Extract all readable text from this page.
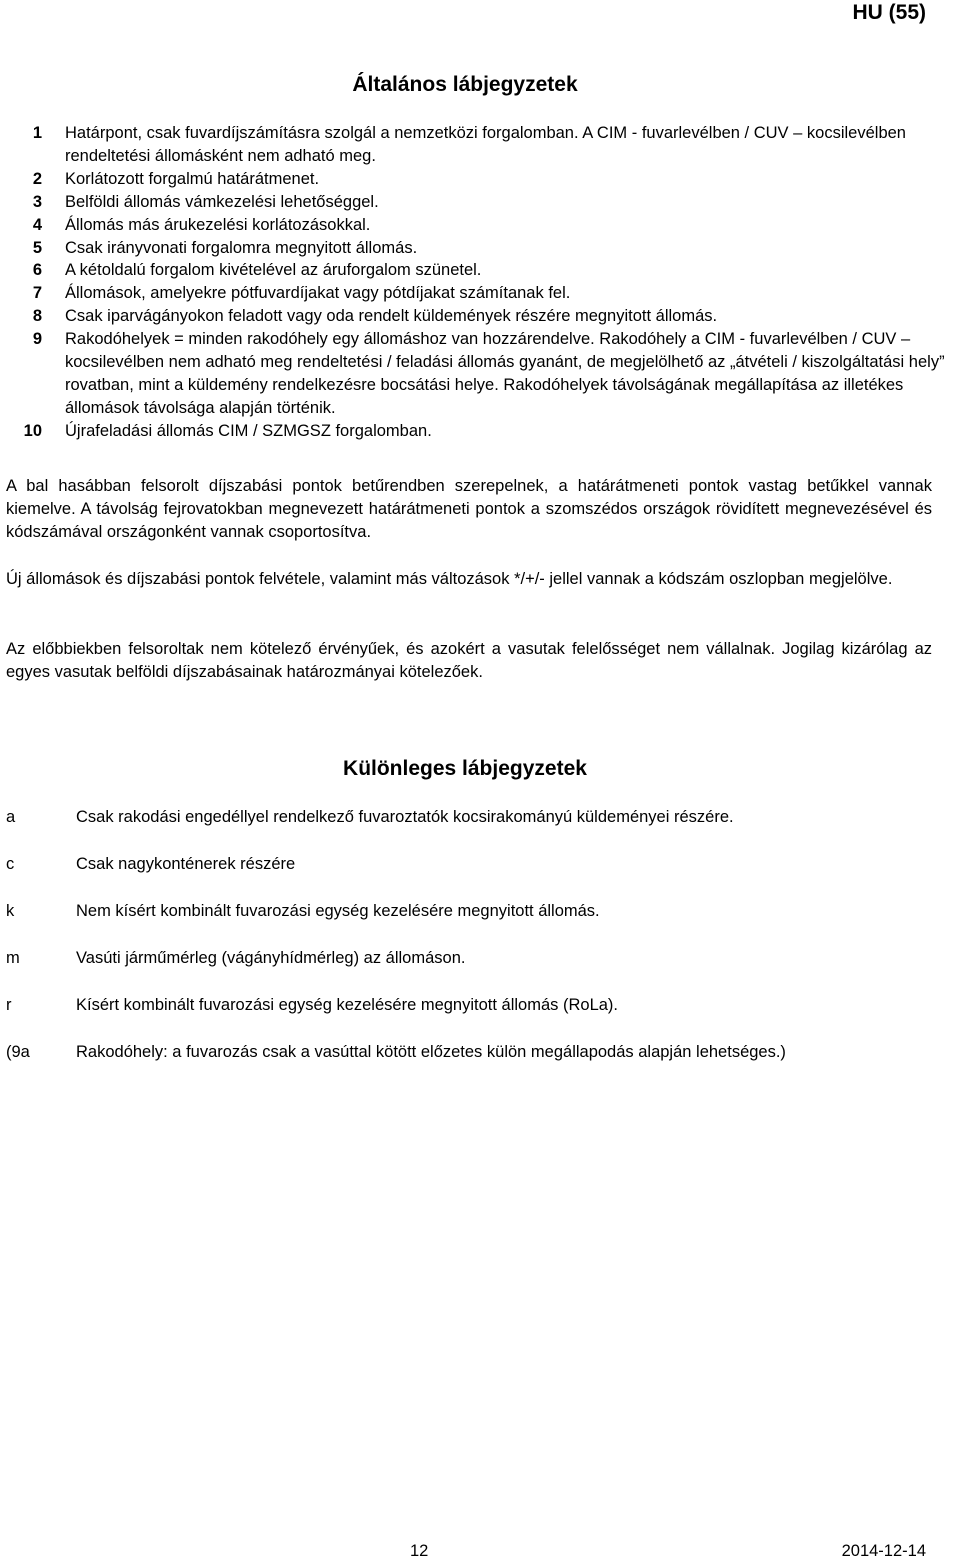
HU (55)
Általános lábjegyzetek
1 Határpont, csak fuvardíjszámításra szolgál a nemzetközi forgalomban. A CIM - fuvarlevélben / CUV – kocsilevélben rendeltetési állomásként nem adható meg.
2 Korlátozott forgalmú határátmenet.
3 Belföldi állomás vámkezelési lehetőséggel.
4 Állomás más árukezelési korlátozásokkal.
5 Csak irányvonati forgalomra megnyitott állomás.
6 A kétoldalú forgalom kivételével az áruforgalom szünetel.
7 Állomások, amelyekre pótfuvardíjakat vagy pótdíjakat számítanak fel.
8 Csak iparvágányokon feladott vagy oda rendelt küldemények részére megnyitott állomás.
9 Rakodóhelyek = minden rakodóhely egy állomáshoz van hozzárendelve. Rakodóhely a CIM - fuvarlevélben / CUV – kocsilevélben nem adható meg rendeltetési / feladási állomás gyanánt, de megjelölhető az „átvételi / kiszolgáltatási hely” rovatban, mint a küldemény rendelkezésre bocsátási helye. Rakodóhelyek távolságának megállapítása az illetékes állomások távolsága alapján történik.
10 Újrafeladási állomás CIM / SZMGSZ forgalomban.

A bal hasábban felsorolt díjszabási pontok betűrendben szerepelnek, a határátmeneti pontok vastag betűkkel vannak kiemelve. A távolság fejrovatokban megnevezett határátmeneti pontok a szomszédos országok rövidített megnevezésével és kódszámával országonként vannak csoportosítva.

Új állomások és díjszabási pontok felvétele, valamint más változások */+/- jellel vannak a kódszám oszlopban megjelölve.

Az előbbiekben felsoroltak nem kötelező érvényűek, és azokért a vasutak felelősséget nem vállalnak. Jogilag kizárólag az egyes vasutak belföldi díjszabásainak határozmányai kötelezőek.

Különleges lábjegyzetek
a	Csak rakodási engedéllyel rendelkező fuvaroztatók kocsirakományú küldeményei részére.
c	Csak nagykonténerek részére
k	Nem kísért kombinált fuvarozási egység kezelésére megnyitott állomás.
m	Vasúti járműmérleg (vágányhídmérleg) az állomáson.
r	Kísért kombinált fuvarozási egység kezelésére megnyitott állomás (RoLa).
(9a	Rakodóhely: a fuvarozás csak a vasúttal kötött előzetes külön megállapodás alapján lehetséges.)
12	2014-12-14
